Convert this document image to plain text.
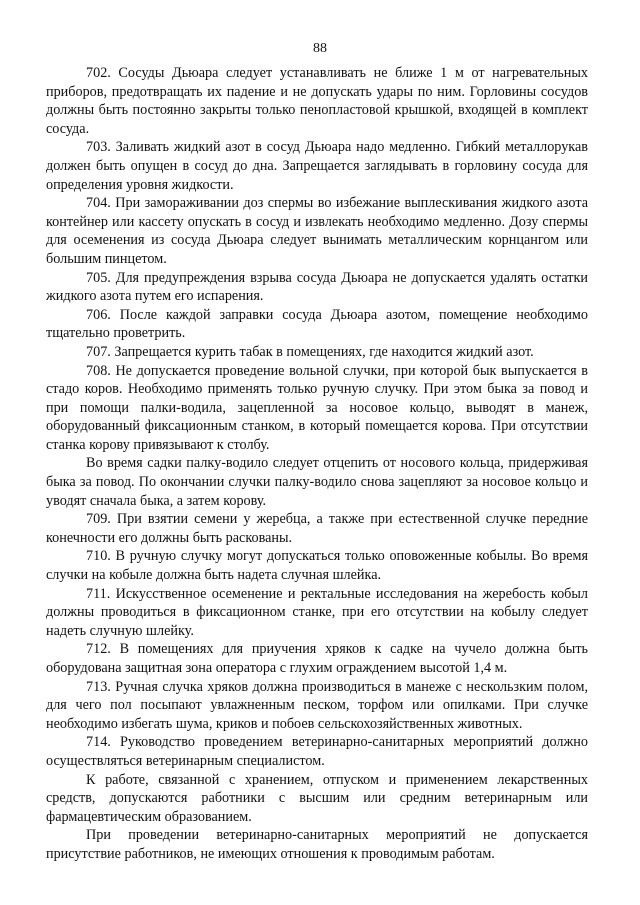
88

702. Сосуды Дьюара следует устанавливать не ближе 1 м от нагревательных приборов, предотвращать их падение и не допускать удары по ним. Горловины сосудов должны быть постоянно закрыты только пенопластовой крышкой, входящей в комплект сосуда.

703. Заливать жидкий азот в сосуд Дьюара надо медленно. Гибкий металлорукав должен быть опущен в сосуд до дна. Запрещается заглядывать в горловину сосуда для определения уровня жидкости.

704. При замораживании доз спермы во избежание выплескивания жидкого азота контейнер или кассету опускать в сосуд и извлекать необходимо медленно. Дозу спермы для осеменения из сосуда Дьюара следует вынимать металлическим корнцангом или большим пинцетом.

705. Для предупреждения взрыва сосуда Дьюара не допускается удалять остатки жидкого азота путем его испарения.

706. После каждой заправки сосуда Дьюара азотом, помещение необходимо тщательно проветрить.

707. Запрещается курить табак в помещениях, где находится жидкий азот.

708. Не допускается проведение вольной случки, при которой бык выпускается в стадо коров. Необходимо применять только ручную случку. При этом быка за повод и при помощи палки-водила, зацепленной за носовое кольцо, выводят в манеж, оборудованный фиксационным станком, в который помещается корова. При отсутствии станка корову привязывают к столбу.

Во время садки палку-водило следует отцепить от носового кольца, придерживая быка за повод. По окончании случки палку-водило снова зацепляют за носовое кольцо и уводят сначала быка, а затем корову.

709. При взятии семени у жеребца, а также при естественной случке передние конечности его должны быть раскованы.

710. В ручную случку могут допускаться только оповоженные кобылы. Во время случки на кобыле должна быть надета случная шлейка.

711. Искусственное осеменение и ректальные исследования на жеребость кобыл должны проводиться в фиксационном станке, при его отсутствии на кобылу следует надеть случную шлейку.

712. В помещениях для приучения хряков к садке на чучело должна быть оборудована защитная зона оператора с глухим ограждением высотой 1,4 м.

713. Ручная случка хряков должна производиться в манеже с нескользким полом, для чего пол посыпают увлажненным песком, торфом или опилками. При случке необходимо избегать шума, криков и побоев сельскохозяйственных животных.

714. Руководство проведением ветеринарно-санитарных мероприятий должно осуществляться ветеринарным специалистом.

К работе, связанной с хранением, отпуском и применением лекарственных средств, допускаются работники с высшим или средним ветеринарным или фармацевтическим образованием.

При проведении ветеринарно-санитарных мероприятий не допускается присутствие работников, не имеющих отношения к проводимым работам.
